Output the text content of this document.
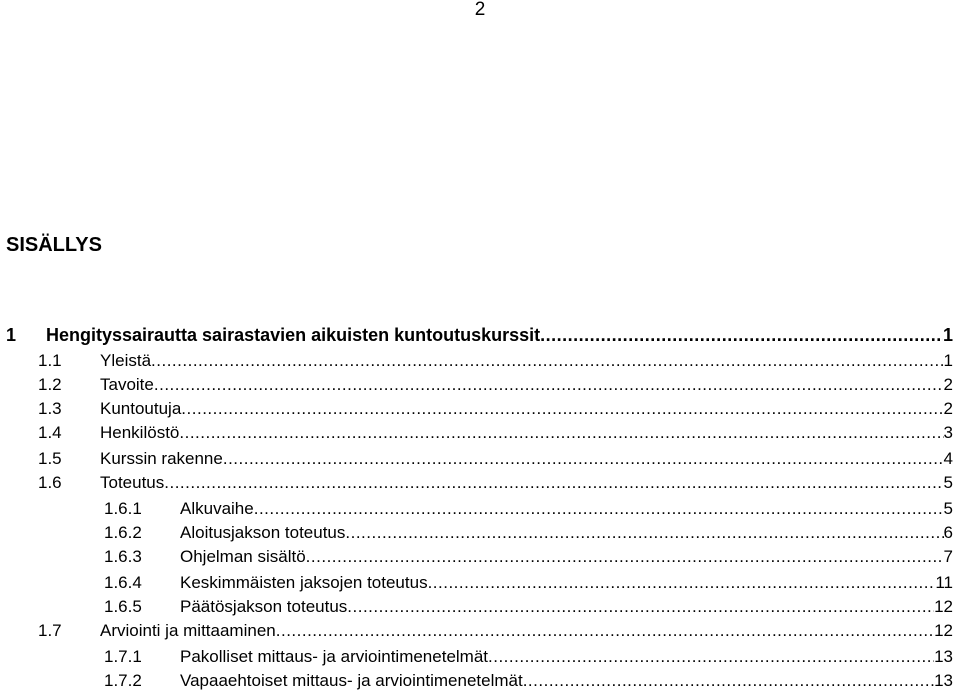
2
SISÄLLYS
1	Hengityssairautta sairastavien aikuisten kuntoutuskurssit .....	1
1.1	Yleistä .....	1
1.2	Tavoite .....	2
1.3	Kuntoutuja .....	2
1.4	Henkilöstö .....	3
1.5	Kurssin rakenne .....	4
1.6	Toteutus .....	5
1.6.1	Alkuvaihe .....	5
1.6.2	Aloitusjakson toteutus .....	6
1.6.3	Ohjelman sisältö .....	7
1.6.4	Keskimmäisten jaksojen toteutus .....	11
1.6.5	Päätösjakson toteutus .....	12
1.7	Arviointi ja mittaaminen .....	12
1.7.1	Pakolliset mittaus- ja arviointimenetelmät .....	13
1.7.2	Vapaaehtoiset mittaus- ja arviointimenetelmät .....	13
